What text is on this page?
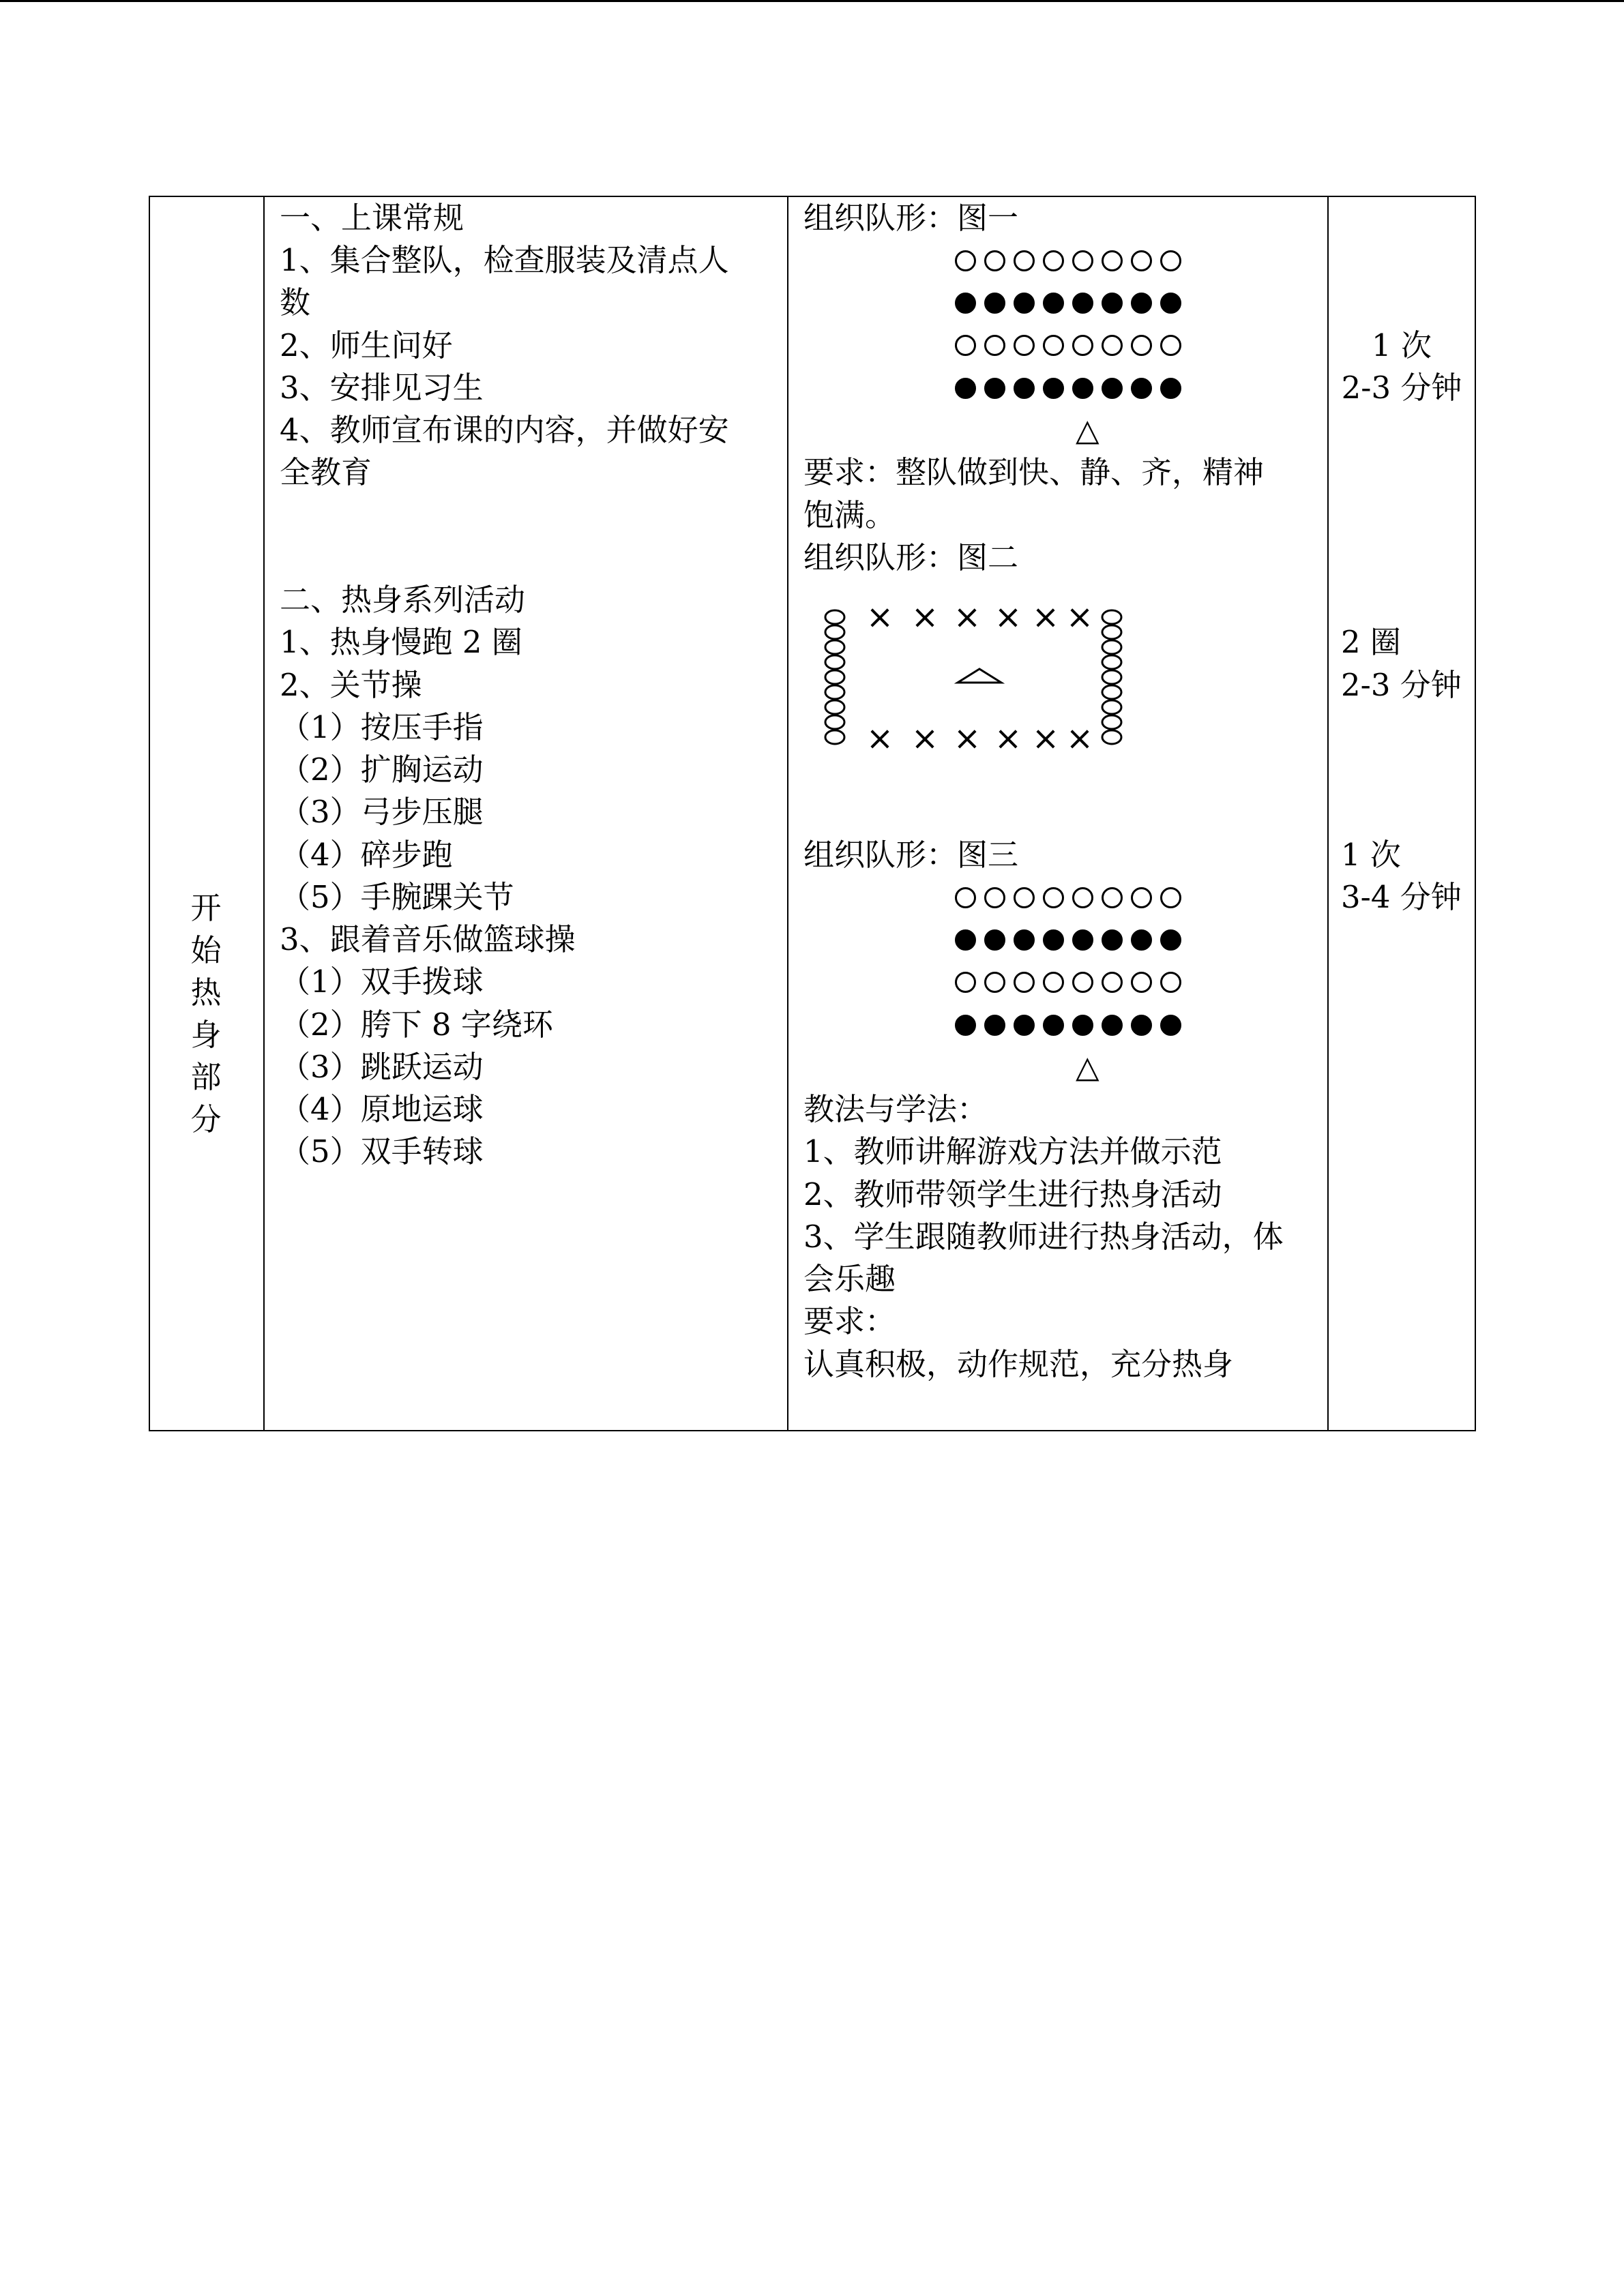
开
始
热
身
部
分
一、上课常规
1、集合整队，检查服装及清点人
数
2、师生问好
3、安排见习生
4、教师宣布课的内容，并做好安
全教育
二、热身系列活动
1、热身慢跑 2 圈
2、关节操
（1）按压手指
（2）扩胸运动
（3）弓步压腿
（4）碎步跑
（5）手腕踝关节
3、跟着音乐做篮球操
（1）双手拨球
（2）胯下 8 字绕环
（3）跳跃运动
（4）原地运球
（5）双手转球
组织队形：图一
△
要求：整队做到快、静、齐，精神
饱满。
组织队形：图二
× × × × × ×
× × × × × ×
组织队形：图三
△
教法与学法：
1、教师讲解游戏方法并做示范
2、教师带领学生进行热身活动
3、学生跟随教师进行热身活动，体
会乐趣
要求：
认真积极，动作规范，充分热身
1 次
2-3 分钟
2 圈
2-3 分钟
1 次
3-4 分钟
